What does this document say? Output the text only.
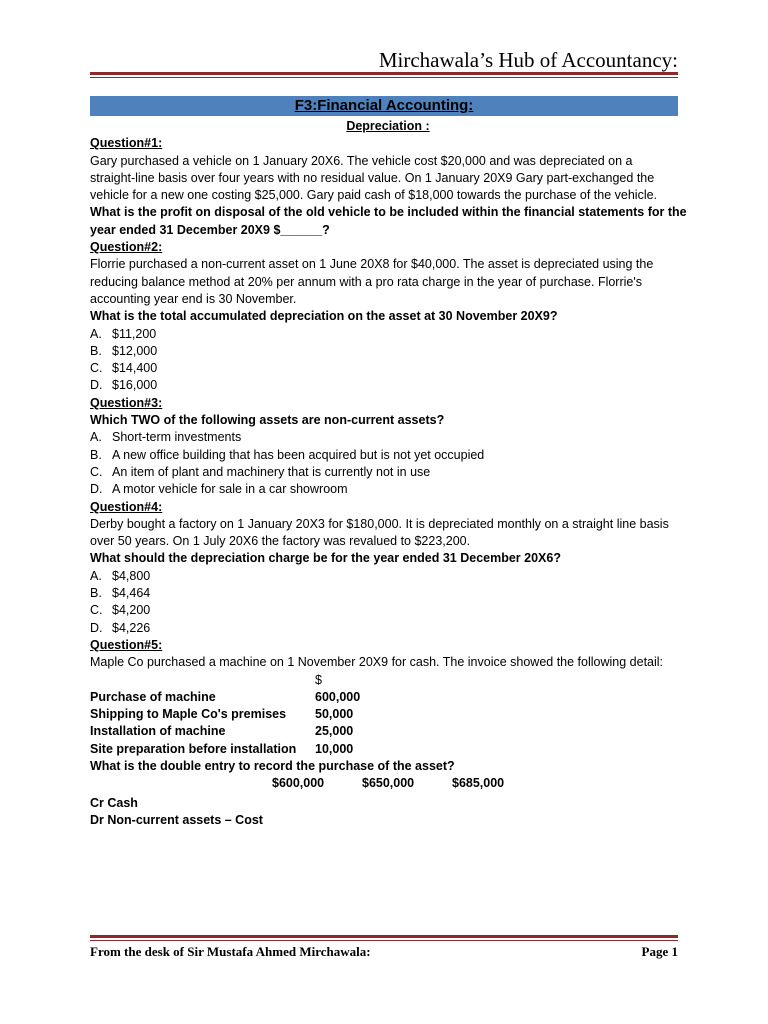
Mirchawala’s Hub of Accountancy:
F3:Financial Accounting:
Depreciation :
Question#1:
Gary purchased a vehicle on 1 January 20X6. The vehicle cost $20,000 and was depreciated on a
straight-line basis over four years with no residual value. On 1 January 20X9 Gary part-exchanged the
vehicle for a new one costing $25,000. Gary paid cash of $18,000 towards the purchase of the vehicle.
What is the profit on disposal of the old vehicle to be included within the financial statements for the
year ended 31 December 20X9 $______?
Question#2:
Florrie purchased a non-current asset on 1 June 20X8 for $40,000. The asset is depreciated using the
reducing balance method at 20% per annum with a pro rata charge in the year of purchase. Florrie's
accounting year end is 30 November.
What is the total accumulated depreciation on the asset at 30 November 20X9?
A. $11,200
B. $12,000
C. $14,400
D. $16,000
Question#3:
Which TWO of the following assets are non-current assets?
A. Short-term investments
B. A new office building that has been acquired but is not yet occupied
C. An item of plant and machinery that is currently not in use
D. A motor vehicle for sale in a car showroom
Question#4:
Derby bought a factory on 1 January 20X3 for $180,000. It is depreciated monthly on a straight line basis
over 50 years. On 1 July 20X6 the factory was revalued to $223,200.
What should the depreciation charge be for the year ended 31 December 20X6?
A. $4,800
B. $4,464
C. $4,200
D. $4,226
Question#5:
Maple Co purchased a machine on 1 November 20X9 for cash. The invoice showed the following detail:
$
Purchase of machine	600,000
Shipping to Maple Co's premises	50,000
Installation of machine	25,000
Site preparation before installation	10,000
What is the double entry to record the purchase of the asset?
$600,000	$650,000	$685,000
Cr Cash
Dr Non-current assets – Cost
From the desk of Sir Mustafa Ahmed Mirchawala:	Page 1
